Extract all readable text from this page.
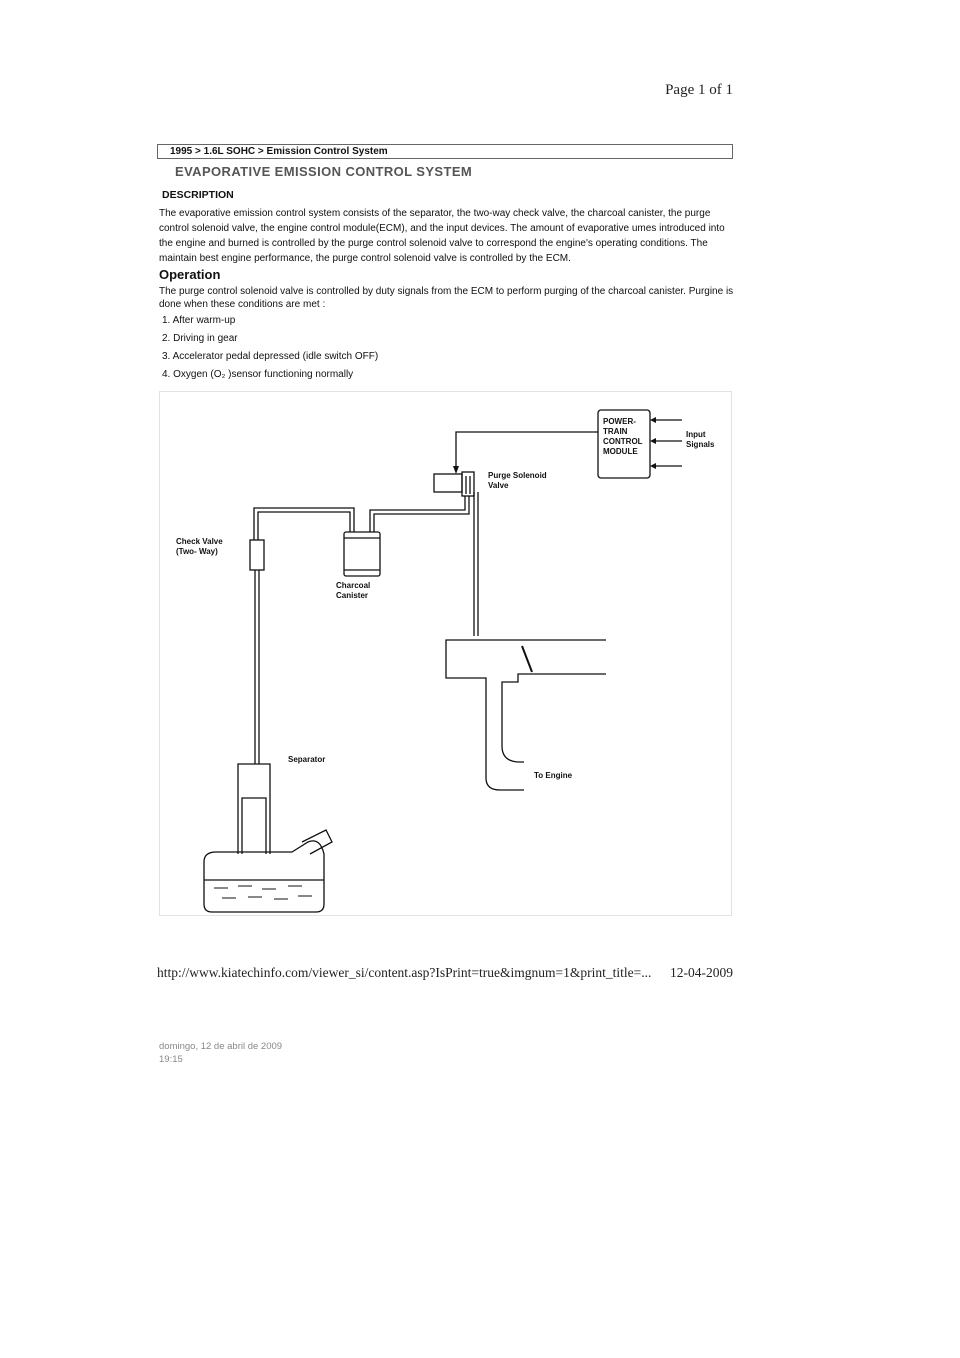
Page 1 of 1
1995 > 1.6L SOHC > Emission Control System
EVAPORATIVE EMISSION CONTROL SYSTEM
DESCRIPTION
The evaporative emission control system consists of the separator, the two-way check valve, the charcoal canister, the purge control solenoid valve, the engine control module(ECM), and the input devices. The amount of evaporative umes introduced into the engine and burned is controlled by the purge control solenoid valve to correspond the engine's operating conditions. The maintain best engine performance, the purge control solenoid valve is controlled by the ECM.
Operation
The purge control solenoid valve is controlled by duty signals from the ECM to perform purging of the charcoal canister. Purgine is done when these conditions are met :
1. After warm-up
2. Driving in gear
3. Accelerator pedal depressed (idle switch OFF)
4. Oxygen (O₂ )sensor functioning normally
POWER-
TRAIN
CONTROL
MODULE
Input
Signals
Purge Solenoid
Valve
Check Valve
(Two- Way)
Charcoal
Canister
Separator
To Engine
http://www.kiatechinfo.com/viewer_si/content.asp?IsPrint=true&imgnum=1&print_title=... 12-04-2009
domingo, 12 de abril de 2009
19:15
